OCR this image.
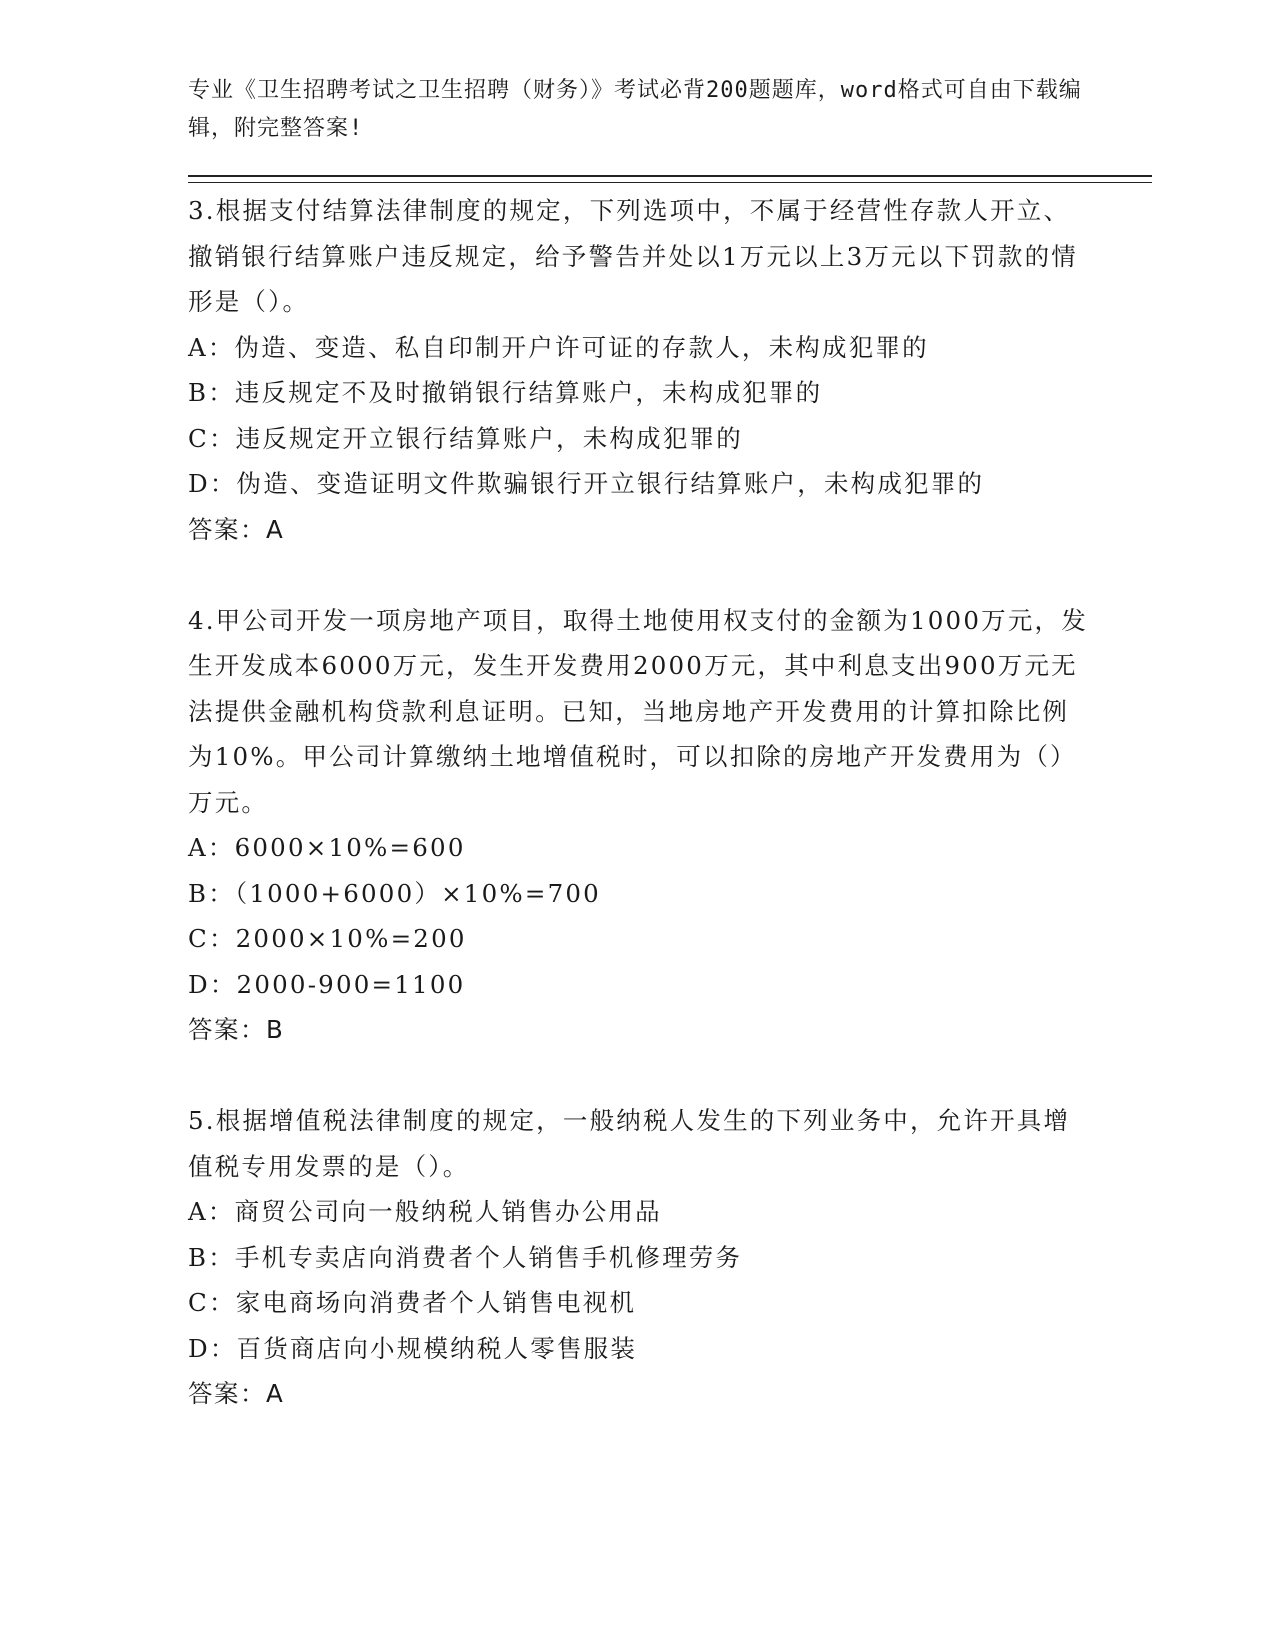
专业《卫生招聘考试之卫生招聘（财务）》考试必背200题题库，word格式可自由下载编辑，附完整答案!

3.根据支付结算法律制度的规定，下列选项中，不属于经营性存款人开立、撤销银行结算账户违反规定，给予警告并处以1万元以上3万元以下罚款的情形是（）。

A：伪造、变造、私自印制开户许可证的存款人，未构成犯罪的
B：违反规定不及时撤销银行结算账户，未构成犯罪的
C：违反规定开立银行结算账户，未构成犯罪的
D：伪造、变造证明文件欺骗银行开立银行结算账户，未构成犯罪的

答案：A

4.甲公司开发一项房地产项目，取得土地使用权支付的金额为1000万元，发生开发成本6000万元，发生开发费用2000万元，其中利息支出900万元无法提供金融机构贷款利息证明。已知，当地房地产开发费用的计算扣除比例为10%。甲公司计算缴纳土地增值税时，可以扣除的房地产开发费用为（）万元。

A：6000×10%=600
B：（1000+6000）×10%=700
C：2000×10%=200
D：2000-900=1100

答案：B

5.根据增值税法律制度的规定，一般纳税人发生的下列业务中，允许开具增值税专用发票的是（）。

A：商贸公司向一般纳税人销售办公用品
B：手机专卖店向消费者个人销售手机修理劳务
C：家电商场向消费者个人销售电视机
D：百货商店向小规模纳税人零售服装

答案：A
